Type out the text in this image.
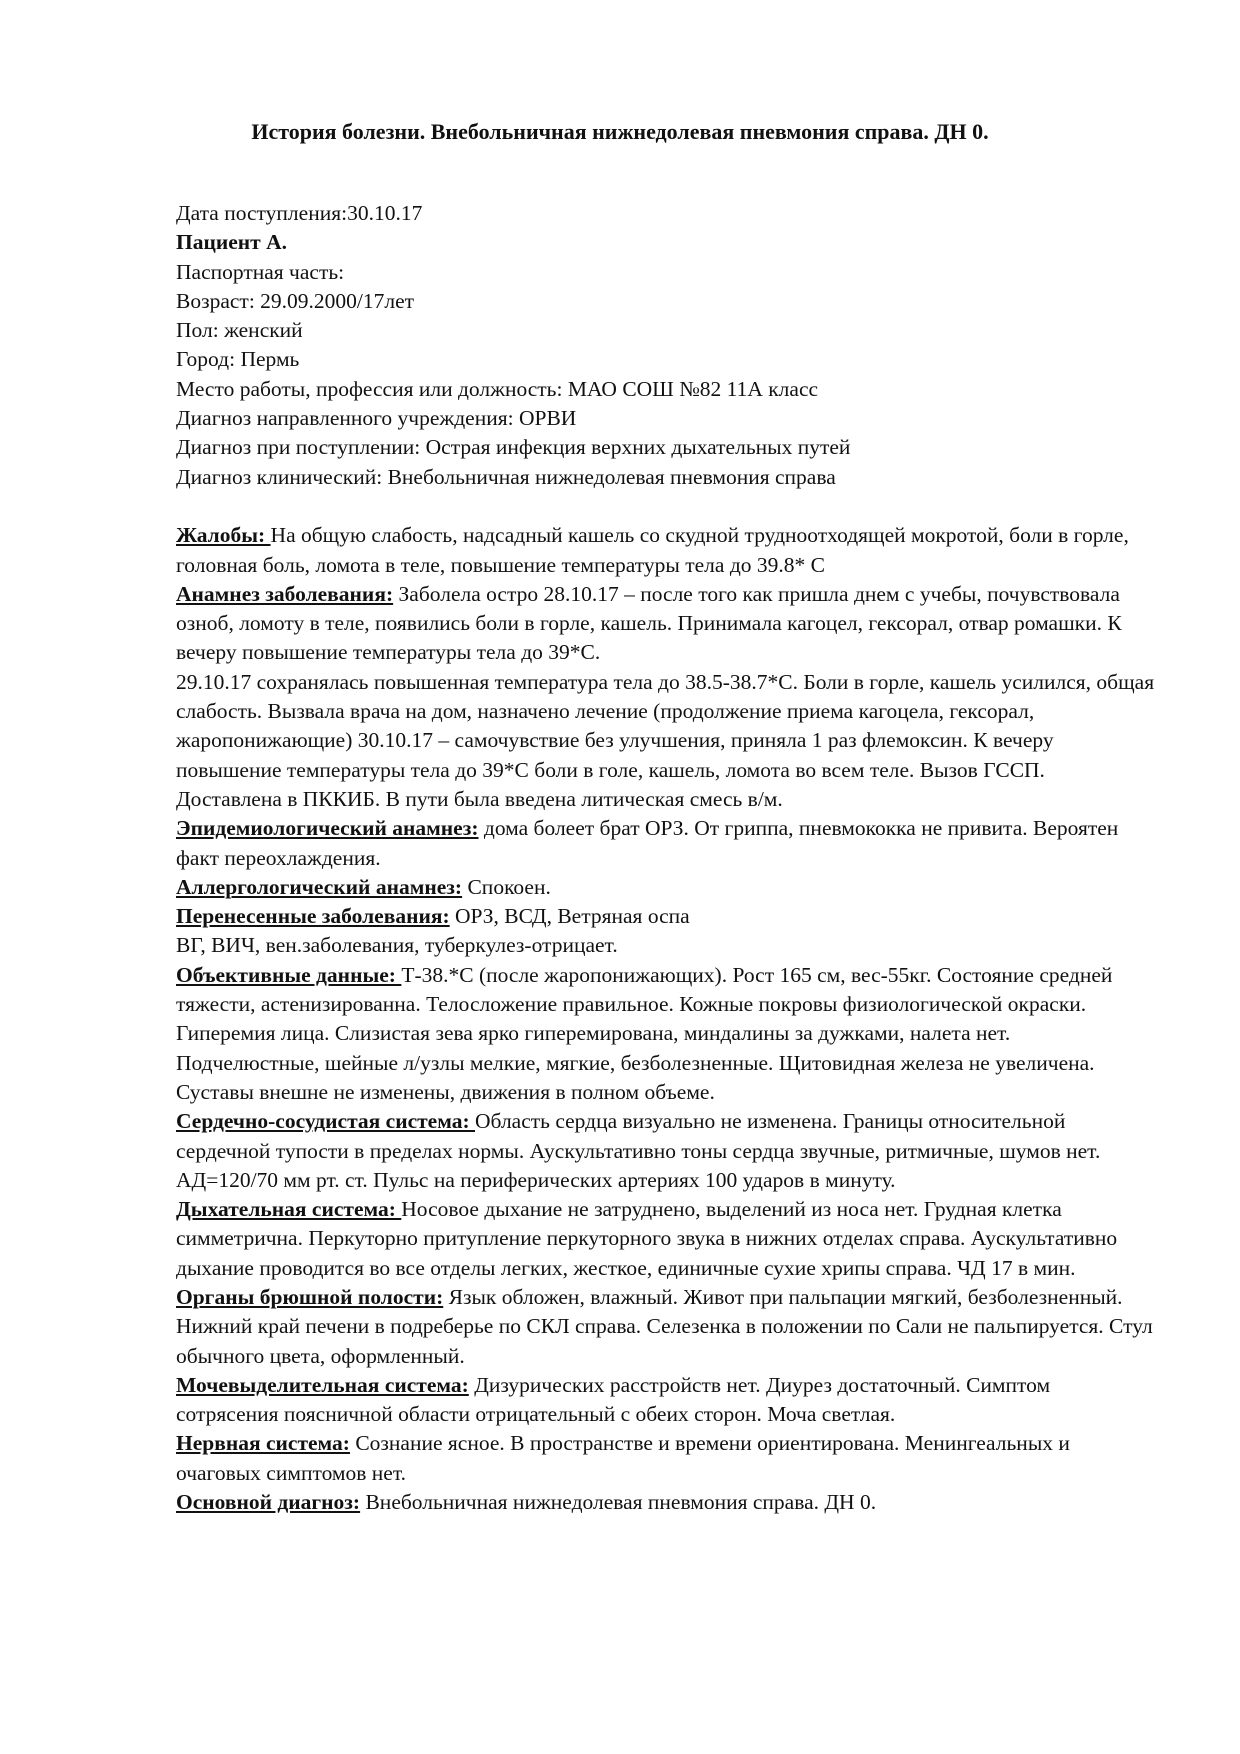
История болезни. Внебольничная нижнедолевая пневмония справа. ДН 0.

Дата поступления:30.10.17

Пациент А.

Паспортная часть:

Возраст: 29.09.2000/17лет

Пол: женский

Город: Пермь

Место работы, профессия или должность: МАО СОШ №82 11А класс

Диагноз направленного учреждения: ОРВИ

Диагноз при поступлении: Острая инфекция верхних дыхательных путей

Диагноз клинический: Внебольничная нижнедолевая пневмония справа

Жалобы: На общую слабость, надсадный кашель со скудной трудноотходящей мокротой, боли в горле, головная боль, ломота в теле, повышение температуры тела до 39.8* С

Анамнез заболевания: Заболела остро 28.10.17 – после того как пришла днем с учебы, почувствовала озноб, ломоту в теле, появились боли в горле, кашель. Принимала кагоцел, гексорал, отвар ромашки. К вечеру повышение температуры тела до 39*С.

29.10.17 сохранялась повышенная температура тела до 38.5-38.7*С. Боли в горле, кашель усилился, общая слабость. Вызвала врача на дом, назначено лечение (продолжение приема кагоцела, гексорал, жаропонижающие) 30.10.17 – самочувствие без улучшения, приняла 1 раз флемоксин. К вечеру повышение температуры тела до 39*С боли в голе, кашель, ломота во всем теле. Вызов ГССП. Доставлена в ПККИБ. В пути была введена литическая смесь в/м.

Эпидемиологический анамнез: дома болеет брат ОРЗ. От гриппа, пневмококка не привита. Вероятен факт переохлаждения.

Аллергологический анамнез: Спокоен.

Перенесенные заболевания: ОРЗ, ВСД, Ветряная оспа

ВГ, ВИЧ, вен.заболевания, туберкулез-отрицает.

Объективные данные: Т-38.*С (после жаропонижающих). Рост 165 см, вес-55кг. Состояние средней тяжести, астенизированна. Телосложение правильное. Кожные покровы физиологической окраски. Гиперемия лица. Слизистая зева ярко гиперемирована, миндалины за дужками, налета нет. Подчелюстные, шейные л/узлы мелкие, мягкие, безболезненные. Щитовидная железа не увеличена. Суставы внешне не изменены, движения в полном объеме.

Сердечно-сосудистая система: Область сердца визуально не изменена. Границы относительной сердечной тупости в пределах нормы. Аускультативно тоны сердца звучные, ритмичные, шумов нет. АД=120/70 мм рт. ст. Пульс на периферических артериях 100 ударов в минуту.

Дыхательная система: Носовое дыхание не затруднено, выделений из носа нет. Грудная клетка симметрична. Перкуторно притупление перкуторного звука в нижних отделах справа. Аускультативно дыхание проводится во все отделы легких, жесткое, единичные сухие хрипы справа. ЧД 17 в мин.

Органы брюшной полости: Язык обложен, влажный. Живот при пальпации мягкий, безболезненный. Нижний край печени в подреберье по СКЛ справа. Селезенка в положении по Сали не пальпируется. Стул обычного цвета, оформленный.

Мочевыделительная система: Дизурических расстройств нет. Диурез достаточный. Симптом сотрясения поясничной области отрицательный с обеих сторон. Моча светлая.

Нервная система: Сознание ясное. В пространстве и времени ориентирована. Менингеальных и очаговых симптомов нет.

Основной диагноз: Внебольничная нижнедолевая пневмония справа. ДН 0.
